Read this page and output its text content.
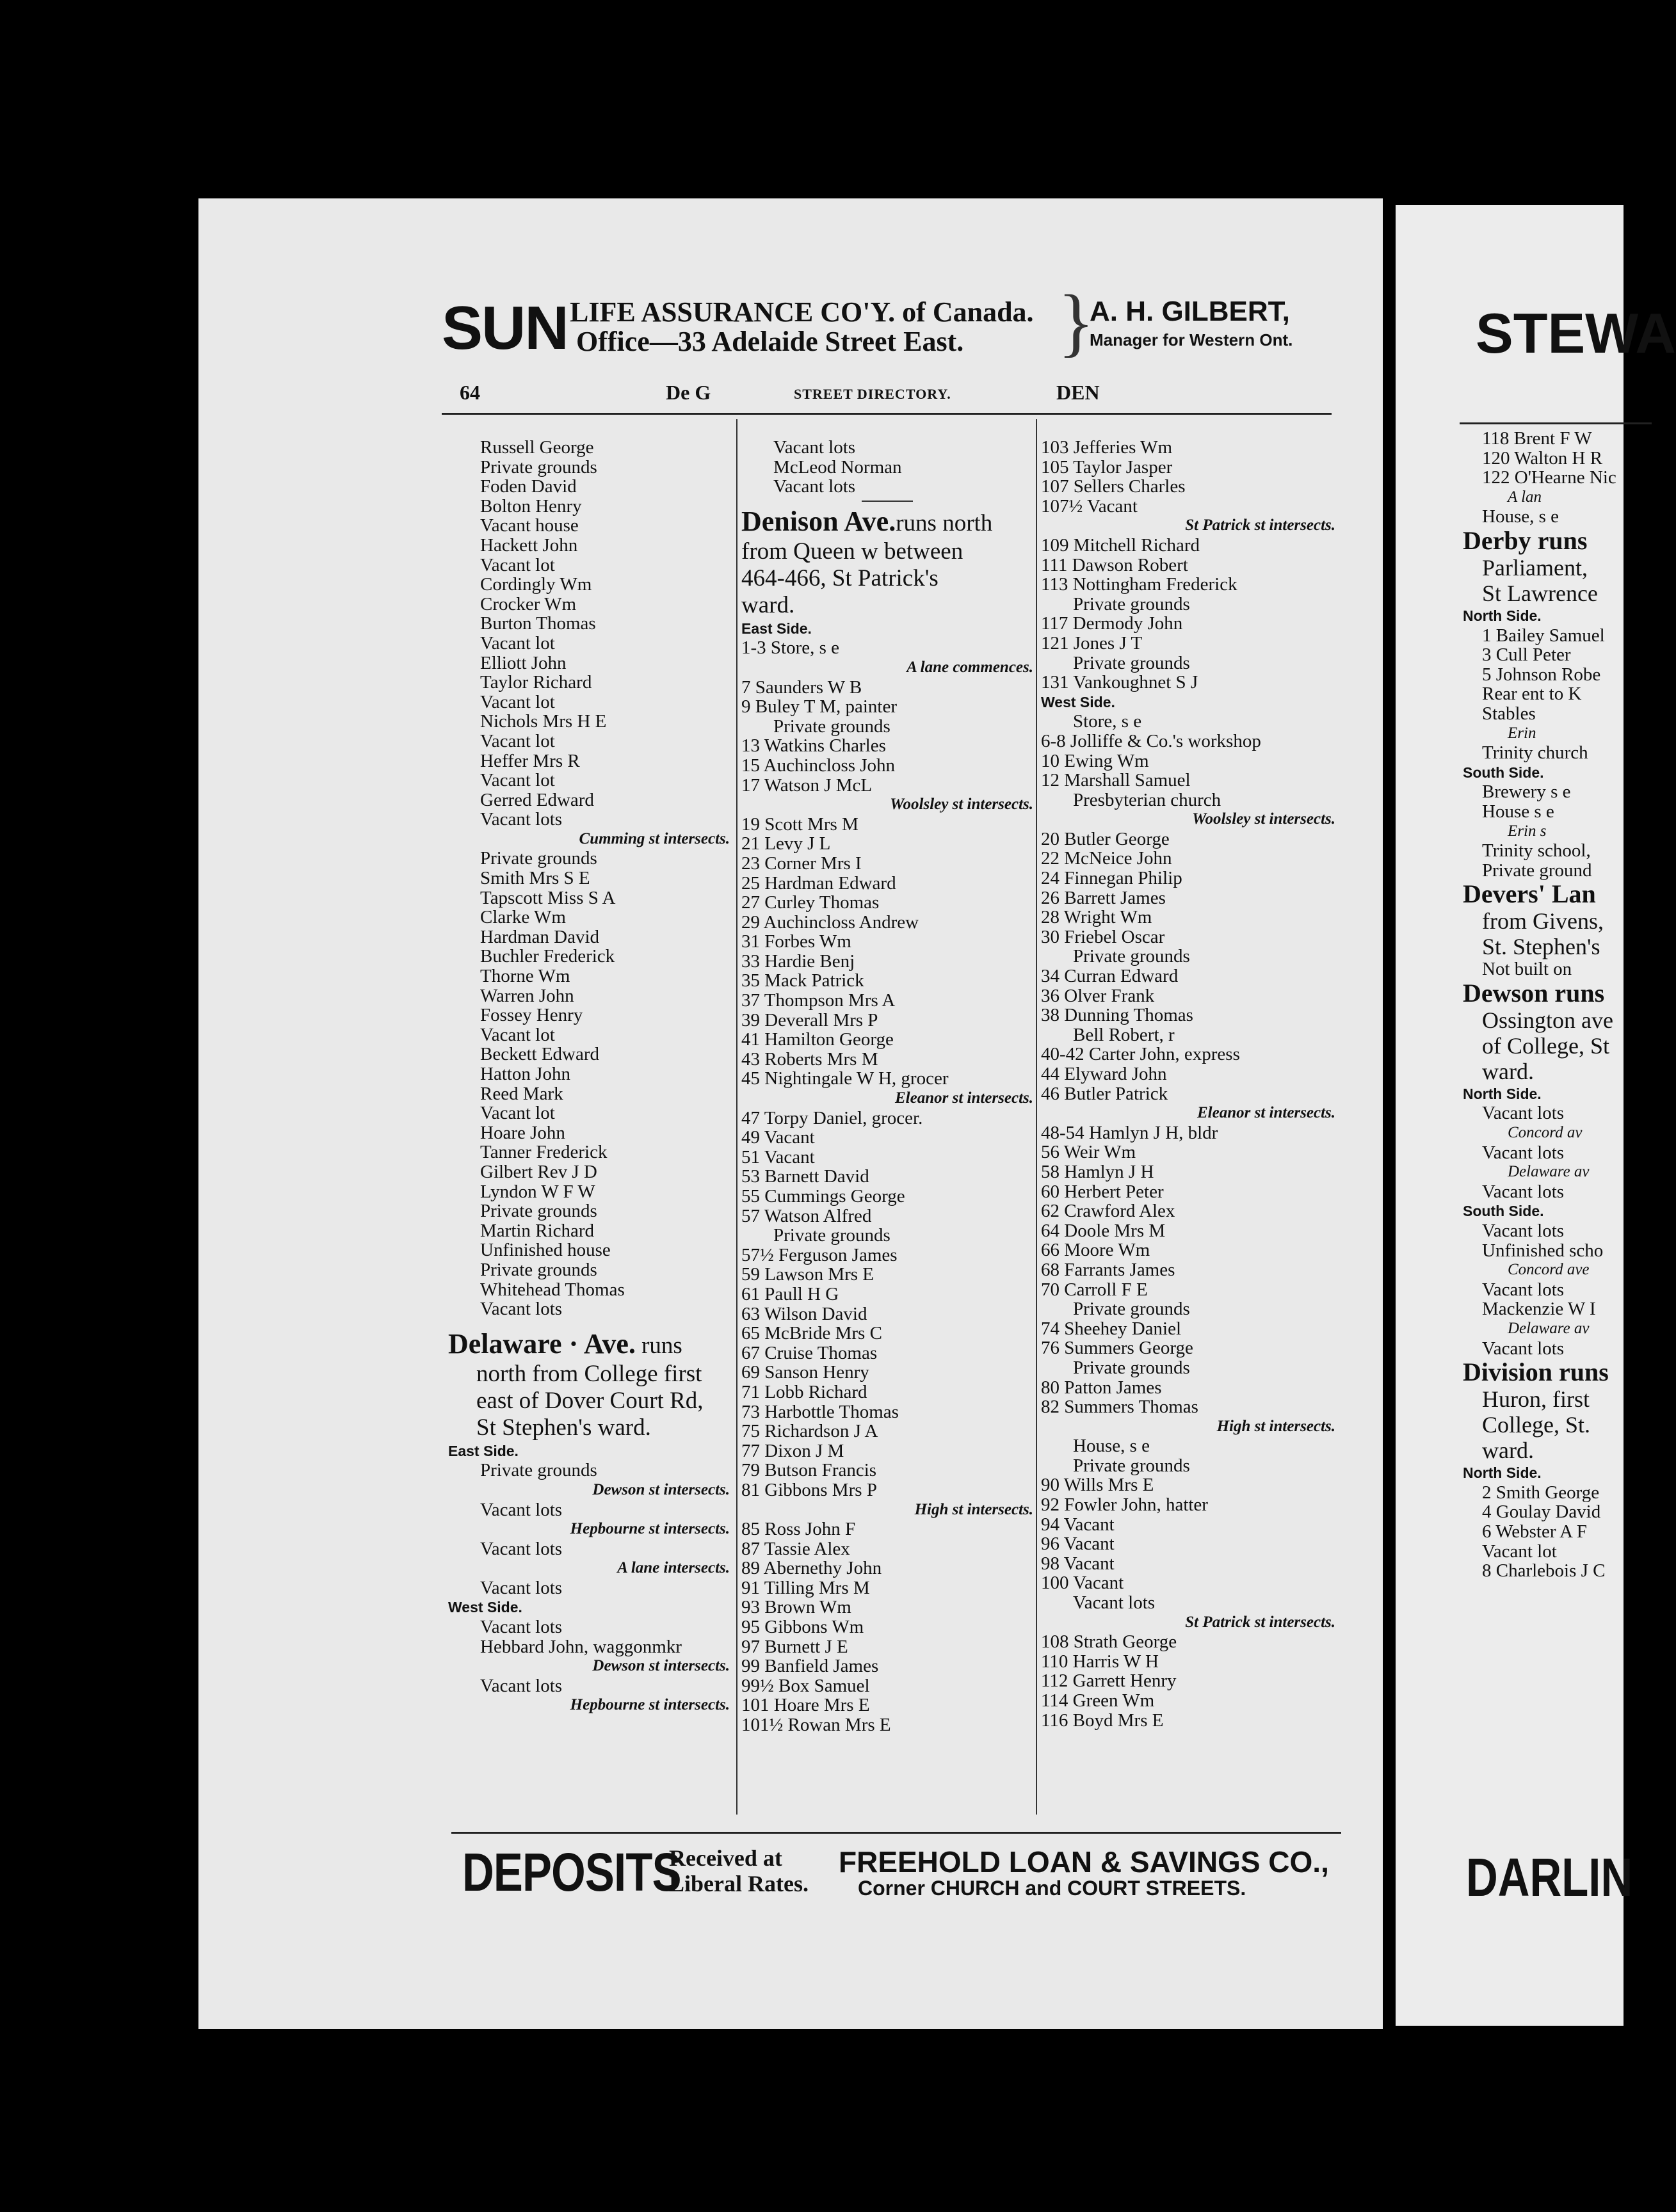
SUN LIFE ASSURANCE CO'Y. of Canada.
Office—33 Adelaide Street East. }
A. H. GILBERT,
Manager for Western Ont.
64	De G	STREET DIRECTORY.	DEN
Russell George
Private grounds
Foden David
Bolton Henry
Vacant house
Hackett John
Vacant lot
Cordingly Wm
Crocker Wm
Burton Thomas
Vacant lot
Elliott John
Taylor Richard
Vacant lot
Nichols Mrs H E
Vacant lot
Heffer Mrs R
Vacant lot
Gerred Edward
Vacant lots
Cumming st intersects.
Private grounds
Smith Mrs S E
Tapscott Miss S A
Clarke Wm
Hardman David
Buchler Frederick
Thorne Wm
Warren John
Fossey Henry
Vacant lot
Beckett Edward
Hatton John
Reed Mark
Vacant lot
Hoare John
Tanner Frederick
Gilbert Rev J D
Lyndon W F W
Private grounds
Martin Richard
Unfinished house
Private grounds
Whitehead Thomas
Vacant lots
Delaware · Ave. runs
north from College first
east of Dover Court Rd,
St Stephen's ward.
East Side.
Private grounds
Dewson st intersects.
Vacant lots
Hepbourne st intersects.
Vacant lots
A lane intersects.
Vacant lots
West Side.
Vacant lots
Hebbard John, waggonmkr
Dewson st intersects.
Vacant lots
Hepbourne st intersects.
Vacant lots
McLeod Norman
Vacant lots
Denison Ave.runs north
from Queen w between
464-466, St Patrick's
ward.
East Side.
1-3 Store, s e
A lane commences.
7 Saunders W B
9 Buley T M, painter
Private grounds
13 Watkins Charles
15 Auchincloss John
17 Watson J McL
Woolsley st intersects.
19 Scott Mrs M
21 Levy J L
23 Corner Mrs I
25 Hardman Edward
27 Curley Thomas
29 Auchincloss Andrew
31 Forbes Wm
33 Hardie Benj
35 Mack Patrick
37 Thompson Mrs A
39 Deverall Mrs P
41 Hamilton George
43 Roberts Mrs M
45 Nightingale W H, grocer
Eleanor st intersects.
47 Torpy Daniel, grocer.
49 Vacant
51 Vacant
53 Barnett David
55 Cummings George
57 Watson Alfred
Private grounds
57½ Ferguson James
59 Lawson Mrs E
61 Paull H G
63 Wilson David
65 McBride Mrs C
67 Cruise Thomas
69 Sanson Henry
71 Lobb Richard
73 Harbottle Thomas
75 Richardson J A
77 Dixon J M
79 Butson Francis
81 Gibbons Mrs P
High st intersects.
85 Ross John F
87 Tassie Alex
89 Abernethy John
91 Tilling Mrs M
93 Brown Wm
95 Gibbons Wm
97 Burnett J E
99 Banfield James
99½ Box Samuel
101 Hoare Mrs E
101½ Rowan Mrs E
103 Jefferies Wm
105 Taylor Jasper
107 Sellers Charles
107½ Vacant
St Patrick st intersects.
109 Mitchell Richard
111 Dawson Robert
113 Nottingham Frederick
Private grounds
117 Dermody John
121 Jones J T
Private grounds
131 Vankoughnet S J
West Side.
Store, s e
6-8 Jolliffe & Co.'s workshop
10 Ewing Wm
12 Marshall Samuel
Presbyterian church
Woolsley st intersects.
20 Butler George
22 McNeice John
24 Finnegan Philip
26 Barrett James
28 Wright Wm
30 Friebel Oscar
Private grounds
34 Curran Edward
36 Olver Frank
38 Dunning Thomas
Bell Robert, r
40-42 Carter John, express
44 Elyward John
46 Butler Patrick
Eleanor st intersects.
48-54 Hamlyn J H, bldr
56 Weir Wm
58 Hamlyn J H
60 Herbert Peter
62 Crawford Alex
64 Doole Mrs M
66 Moore Wm
68 Farrants James
70 Carroll F E
Private grounds
74 Sheehey Daniel
76 Summers George
Private grounds
80 Patton James
82 Summers Thomas
High st intersects.
House, s e
Private grounds
90 Wills Mrs E
92 Fowler John, hatter
94 Vacant
96 Vacant
98 Vacant
100 Vacant
Vacant lots
St Patrick st intersects.
108 Strath George
110 Harris W H
112 Garrett Henry
114 Green Wm
116 Boyd Mrs E
DEPOSITS
Received at
Liberal Rates.
FREEHOLD LOAN & SAVINGS CO.,
Corner CHURCH and COURT STREETS.
STEWA
118 Brent F W
120 Walton H R
122 O'Hearne Nic
A lan
House, s e
Derby runs
Parliament,
St Lawrence
North Side.
1 Bailey Samuel
3 Cull Peter
5 Johnson Robe
Rear ent to K
Stables
Erin
Trinity church
South Side.
Brewery s e
House s e
Erin s
Trinity school,
Private ground
Devers' Lan
from Givens,
St. Stephen's
Not built on
Dewson runs
Ossington ave
of College, St
ward.
North Side.
Vacant lots
Concord av
Vacant lots
Delaware av
Vacant lots
South Side.
Vacant lots
Unfinished scho
Concord ave
Vacant lots
Mackenzie W I
Delaware av
Vacant lots
Division runs
Huron, first
College, St.
ward.
North Side.
2 Smith George
4 Goulay David
6 Webster A F
Vacant lot
8 Charlebois J C
DARLIN
